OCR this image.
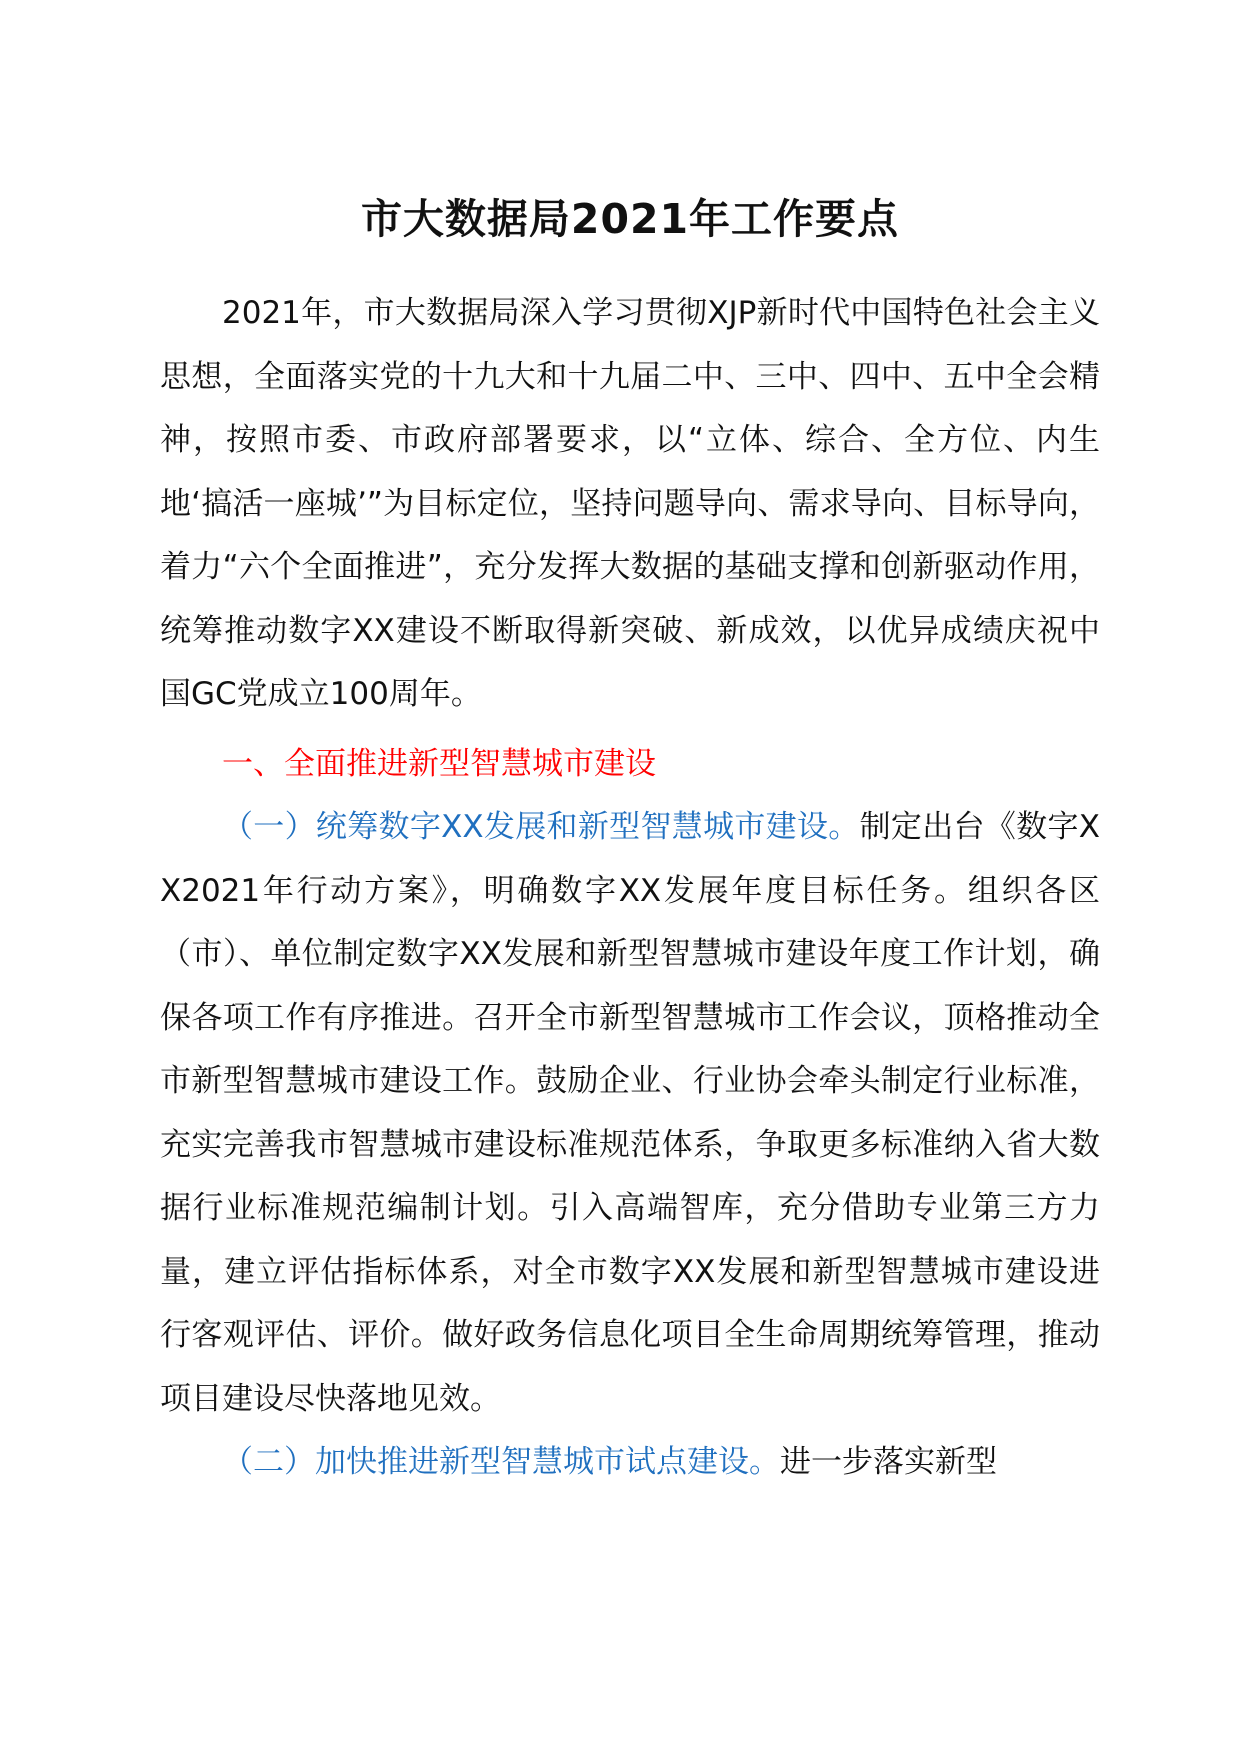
市大数据局2021年工作要点

2021年，市大数据局深入学习贯彻XJP新时代中国特色社会主义思想，全面落实党的十九大和十九届二中、三中、四中、五中全会精神，按照市委、市政府部署要求，以“立体、综合、全方位、内生地‘搞活一座城’”为目标定位，坚持问题导向、需求导向、目标导向，着力“六个全面推进”，充分发挥大数据的基础支撑和创新驱动作用，统筹推动数字XX建设不断取得新突破、新成效，以优异成绩庆祝中国GC党成立100周年。

一、全面推进新型智慧城市建设

（一）统筹数字XX发展和新型智慧城市建设。制定出台《数字XX2021年行动方案》，明确数字XX发展年度目标任务。组织各区（市）、单位制定数字XX发展和新型智慧城市建设年度工作计划，确保各项工作有序推进。召开全市新型智慧城市工作会议，顶格推动全市新型智慧城市建设工作。鼓励企业、行业协会牵头制定行业标准，充实完善我市智慧城市建设标准规范体系，争取更多标准纳入省大数据行业标准规范编制计划。引入高端智库，充分借助专业第三方力量，建立评估指标体系，对全市数字XX发展和新型智慧城市建设进行客观评估、评价。做好政务信息化项目全生命周期统筹管理，推动项目建设尽快落地见效。

（二）加快推进新型智慧城市试点建设。进一步落实新型
